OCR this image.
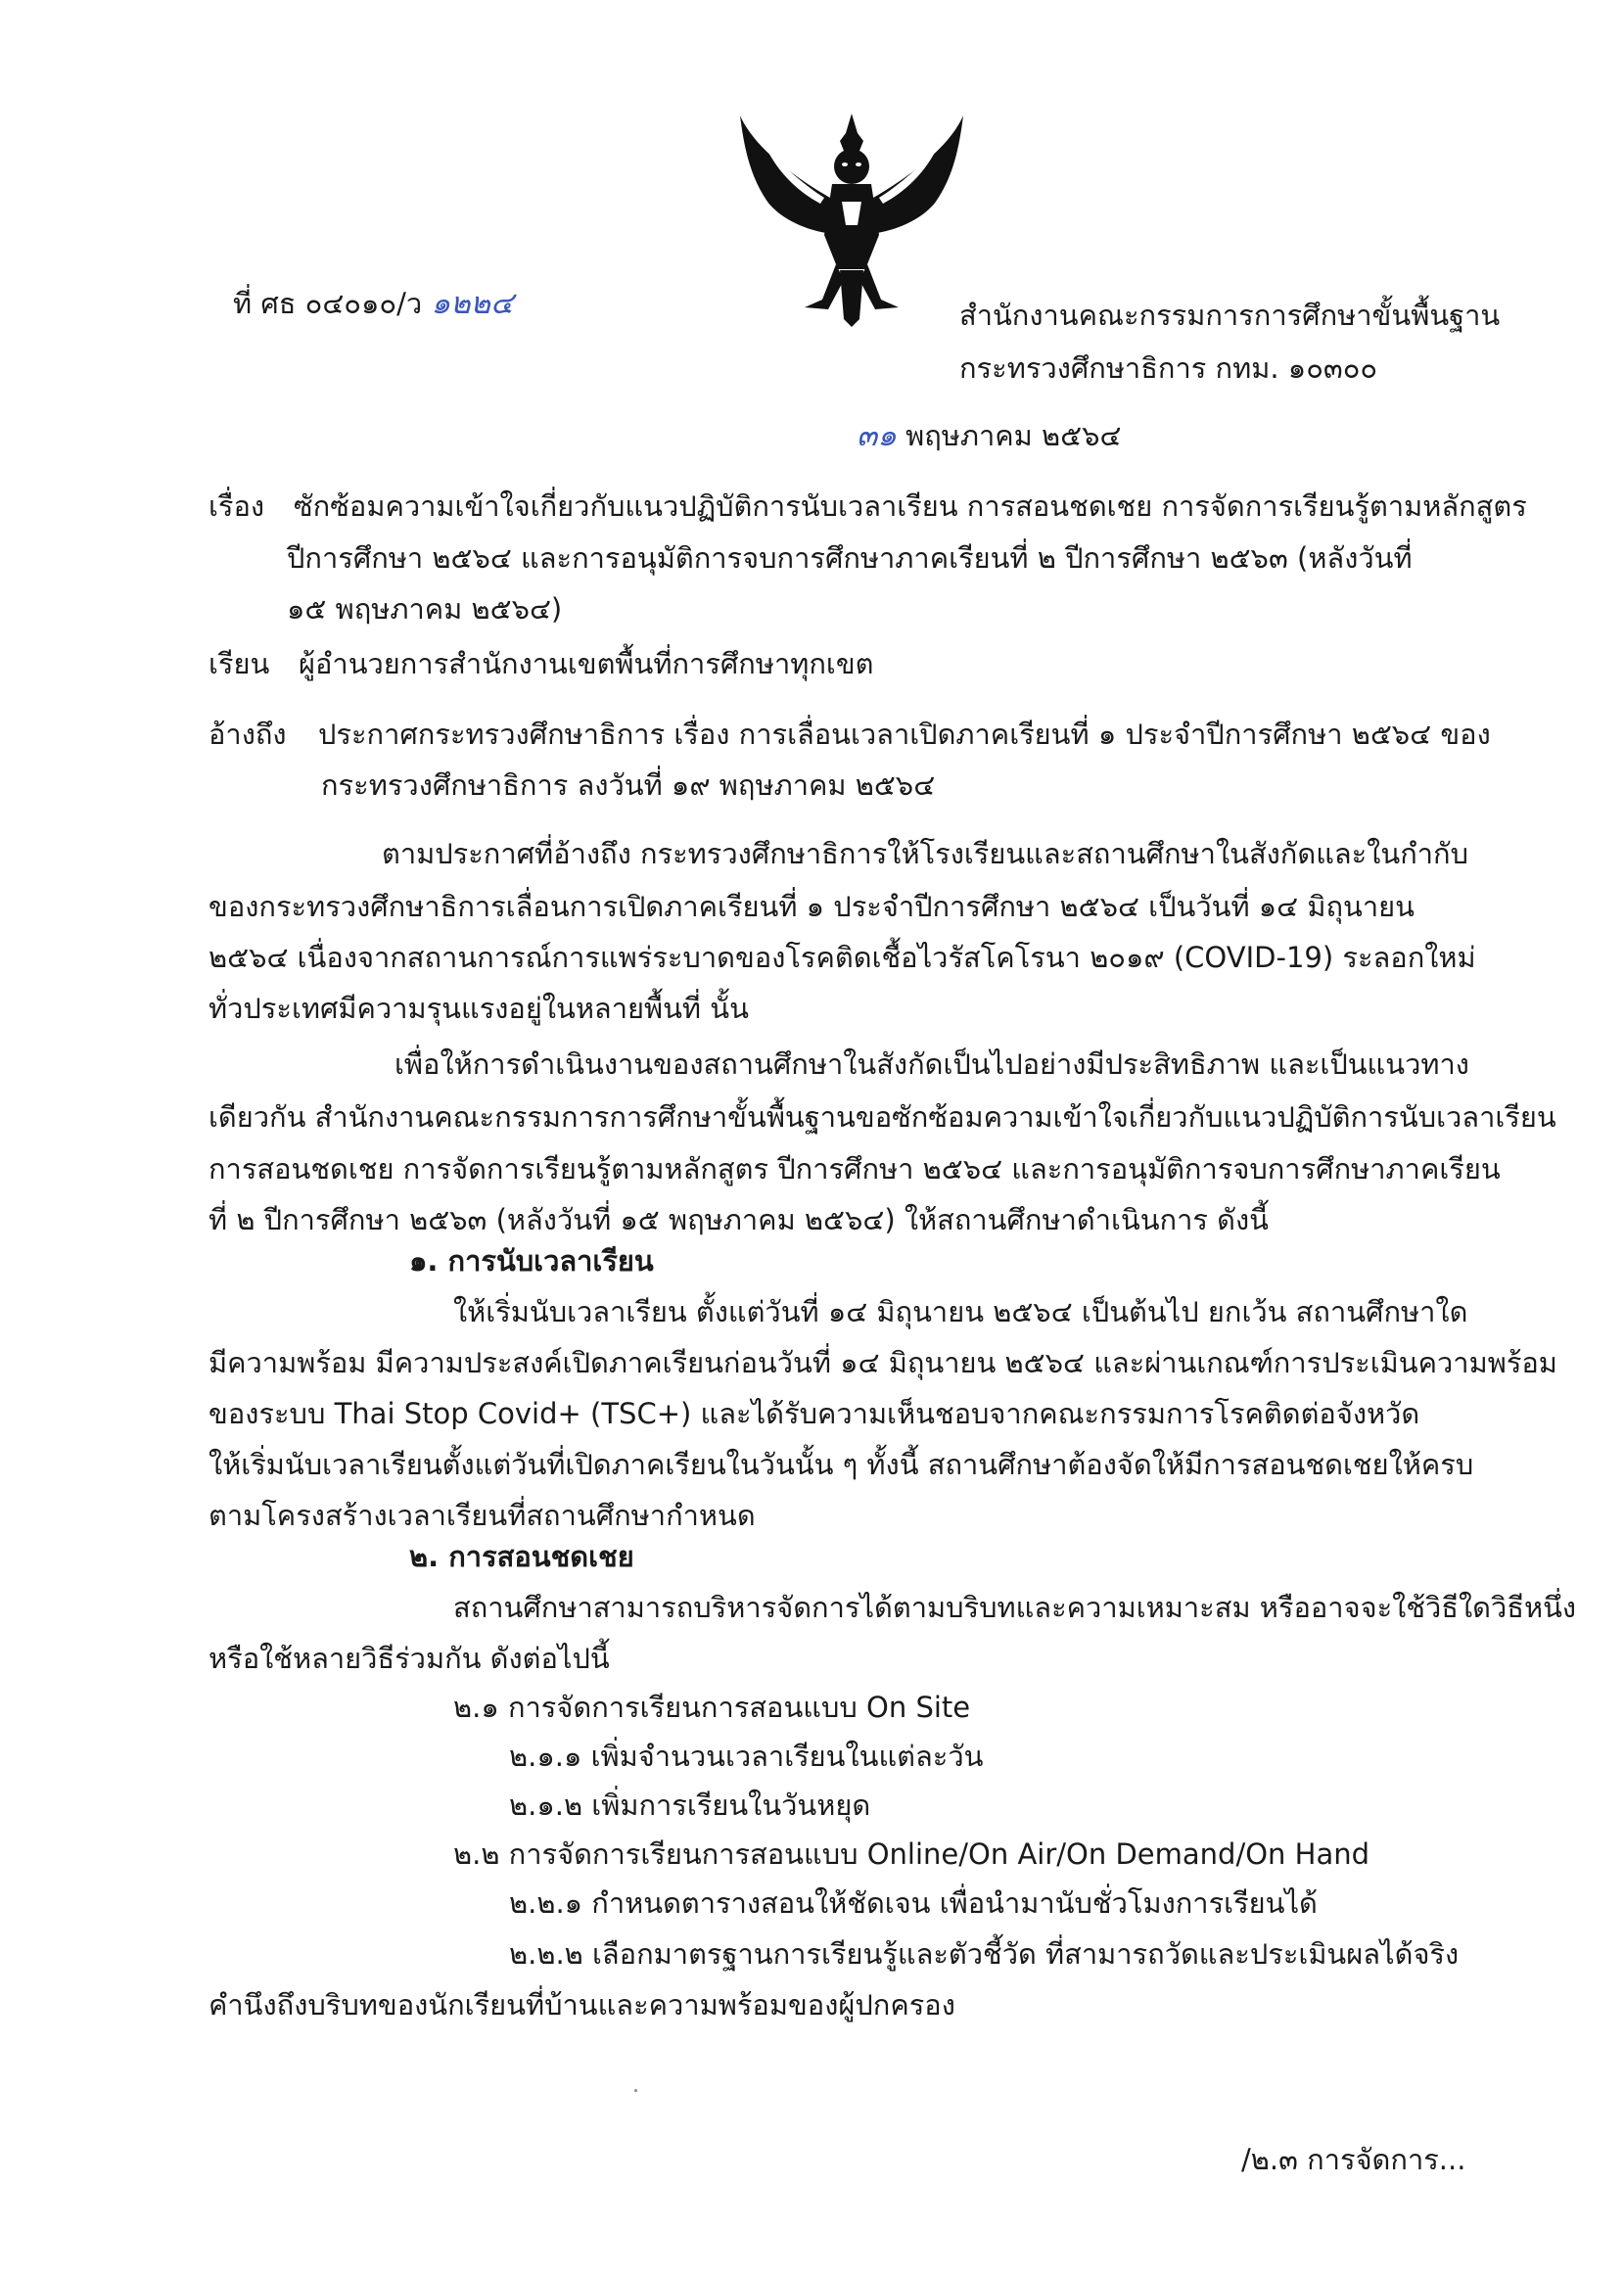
ที่ ศธ ๐๔๐๑๐/ว ๑๒๒๔	สำนักงานคณะกรรมการการศึกษาขั้นพื้นฐาน
กระทรวงศึกษาธิการ กทม. ๑๐๓๐๐
๓๑ พฤษภาคม ๒๕๖๔
เรื่อง ซักซ้อมความเข้าใจเกี่ยวกับแนวปฏิบัติการนับเวลาเรียน การสอนชดเชย การจัดการเรียนรู้ตามหลักสูตร
ปีการศึกษา ๒๕๖๔ และการอนุมัติการจบการศึกษาภาคเรียนที่ ๒ ปีการศึกษา ๒๕๖๓ (หลังวันที่
๑๕ พฤษภาคม ๒๕๖๔)
เรียน ผู้อำนวยการสำนักงานเขตพื้นที่การศึกษาทุกเขต
อ้างถึง ประกาศกระทรวงศึกษาธิการ เรื่อง การเลื่อนเวลาเปิดภาคเรียนที่ ๑ ประจำปีการศึกษา ๒๕๖๔ ของ
กระทรวงศึกษาธิการ ลงวันที่ ๑๙ พฤษภาคม ๒๕๖๔
ตามประกาศที่อ้างถึง กระทรวงศึกษาธิการให้โรงเรียนและสถานศึกษาในสังกัดและในกำกับ
ของกระทรวงศึกษาธิการเลื่อนการเปิดภาคเรียนที่ ๑ ประจำปีการศึกษา ๒๕๖๔ เป็นวันที่ ๑๔ มิถุนายน
๒๕๖๔ เนื่องจากสถานการณ์การแพร่ระบาดของโรคติดเชื้อไวรัสโคโรนา ๒๐๑๙ (COVID-19) ระลอกใหม่
ทั่วประเทศมีความรุนแรงอยู่ในหลายพื้นที่ นั้น
เพื่อให้การดำเนินงานของสถานศึกษาในสังกัดเป็นไปอย่างมีประสิทธิภาพ และเป็นแนวทาง
เดียวกัน สำนักงานคณะกรรมการการศึกษาขั้นพื้นฐานขอซักซ้อมความเข้าใจเกี่ยวกับแนวปฏิบัติการนับเวลาเรียน
การสอนชดเชย การจัดการเรียนรู้ตามหลักสูตร ปีการศึกษา ๒๕๖๔ และการอนุมัติการจบการศึกษาภาคเรียน
ที่ ๒ ปีการศึกษา ๒๕๖๓ (หลังวันที่ ๑๕ พฤษภาคม ๒๕๖๔) ให้สถานศึกษาดำเนินการ ดังนี้
๑. การนับเวลาเรียน
ให้เริ่มนับเวลาเรียน ตั้งแต่วันที่ ๑๔ มิถุนายน ๒๕๖๔ เป็นต้นไป ยกเว้น สถานศึกษาใด
มีความพร้อม มีความประสงค์เปิดภาคเรียนก่อนวันที่ ๑๔ มิถุนายน ๒๕๖๔ และผ่านเกณฑ์การประเมินความพร้อม
ของระบบ Thai Stop Covid+ (TSC+) และได้รับความเห็นชอบจากคณะกรรมการโรคติดต่อจังหวัด
ให้เริ่มนับเวลาเรียนตั้งแต่วันที่เปิดภาคเรียนในวันนั้น ๆ ทั้งนี้ สถานศึกษาต้องจัดให้มีการสอนชดเชยให้ครบ
ตามโครงสร้างเวลาเรียนที่สถานศึกษากำหนด
๒. การสอนชดเชย
สถานศึกษาสามารถบริหารจัดการได้ตามบริบทและความเหมาะสม หรืออาจจะใช้วิธีใดวิธีหนึ่ง
หรือใช้หลายวิธีร่วมกัน ดังต่อไปนี้
๒.๑ การจัดการเรียนการสอนแบบ On Site
๒.๑.๑ เพิ่มจำนวนเวลาเรียนในแต่ละวัน
๒.๑.๒ เพิ่มการเรียนในวันหยุด
๒.๒ การจัดการเรียนการสอนแบบ Online/On Air/On Demand/On Hand
๒.๒.๑ กำหนดตารางสอนให้ชัดเจน เพื่อนำมานับชั่วโมงการเรียนได้
๒.๒.๒ เลือกมาตรฐานการเรียนรู้และตัวชี้วัด ที่สามารถวัดและประเมินผลได้จริง
คำนึงถึงบริบทของนักเรียนที่บ้านและความพร้อมของผู้ปกครอง
/๒.๓ การจัดการ...
